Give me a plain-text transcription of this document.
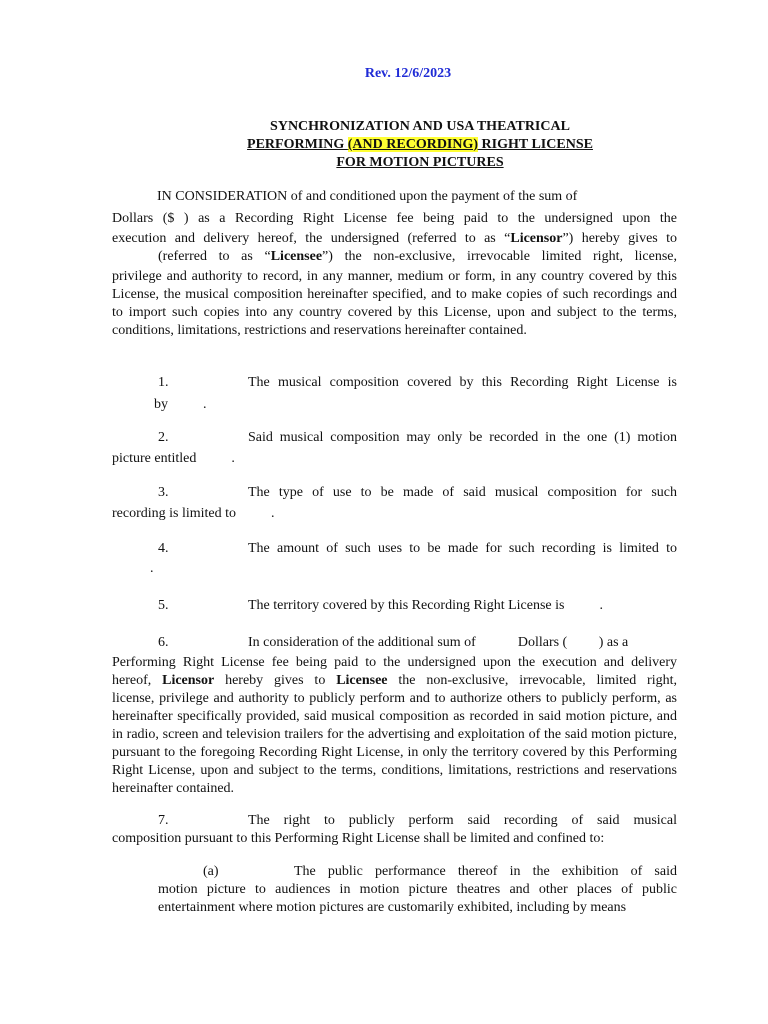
Rev. 12/6/2023
SYNCHRONIZATION AND USA THEATRICAL
PERFORMING (AND RECORDING) RIGHT LICENSE
FOR MOTION PICTURES
IN CONSIDERATION of and conditioned upon the payment of the sum of
Dollars ($ ) as a Recording Right License fee being paid to the undersigned upon the
execution and delivery hereof, the undersigned (referred to as “Licensor”) hereby gives to
(referred to as “Licensee”) the non-exclusive, irrevocable limited right, license,
privilege and authority to record, in any manner, medium or form, in any country covered by this License, the musical composition hereinafter specified, and to make copies of such recordings and to import such copies into any country covered by this License, upon and subject to the terms, conditions, limitations, restrictions and reservations hereinafter contained.
1.	The musical composition covered by this Recording Right License is
by          .
2.	Said musical composition may only be recorded in the one (1) motion
picture entitled          .
3.	The type of use to be made of said musical composition for such
recording is limited to          .
4.	The amount of such uses to be made for such recording is limited to
.
5.	The territory covered by this Recording Right License is          .
6.	In consideration of the additional sum of            Dollars (         ) as a
Performing Right License fee being paid to the undersigned upon the execution and delivery
hereof, Licensor hereby gives to Licensee the non-exclusive, irrevocable, limited right,
license, privilege and authority to publicly perform and to authorize others to publicly perform, as hereinafter specifically provided, said musical composition as recorded in said motion picture, and in radio, screen and television trailers for the advertising and exploitation of the said motion picture, pursuant to the foregoing Recording Right License, in only the territory covered by this Performing Right License, upon and subject to the terms, conditions, limitations, restrictions and reservations hereinafter contained.
7.	The right to publicly perform said recording of said musical
composition pursuant to this Performing Right License shall be limited and confined to:
(a)	The public performance thereof in the exhibition of said
motion picture to audiences in motion picture theatres and other places of public entertainment where motion pictures are customarily exhibited, including by means
